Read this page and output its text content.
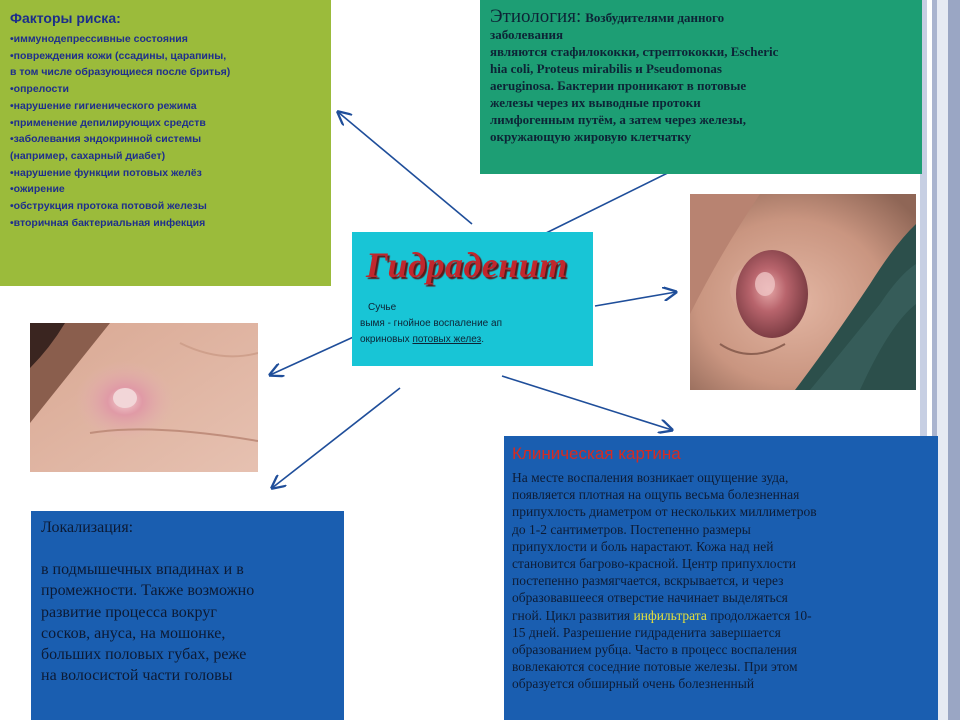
Факторы риска:
•иммунодепрессивные состояния
•повреждения кожи (ссадины, царапины,
в том числе образующиеся после бритья)
•опрелости
•нарушение гигиенического режима
•применение депилирующих средств
•заболевания эндокринной системы
(например, сахарный диабет)
•нарушение функции потовых желёз
•ожирение
•обструкция протока потовой железы
•вторичная бактериальная инфекция
Этиология: Возбудителями данного
заболевания
являются стафилококки, стрептококки, Escheric
hia coli, Proteus mirabilis и Pseudomonas
aeruginosa. Бактерии проникают в потовые
железы через их выводные протоки
лимфогенным путём, а затем через железы,
окружающую жировую клетчатку
Гидраденит
Сучье
вымя - гнойное воспаление ап
окриновых потовых желез.
Локализация:
в подмышечных впадинах и в
промежности. Также возможно
развитие процесса вокруг
сосков, ануса, на мошонке,
больших половых губах, реже
на волосистой части головы
Клиническая картина
На месте воспаления возникает ощущение зуда,
появляется плотная на ощупь весьма болезненная
припухлость диаметром от нескольких миллиметров
до 1-2 сантиметров. Постепенно размеры
припухлости и боль нарастают. Кожа над ней
становится багрово-красной. Центр припухлости
постепенно размягчается, вскрывается, и через
образовавшееся отверстие начинает выделяться
гной. Цикл развития инфильтрата продолжается 10-
15 дней. Разрешение гидраденита завершается
образованием рубца. Часто в процесс воспаления
вовлекаются соседние потовые железы. При этом
образуется обширный очень болезненный
